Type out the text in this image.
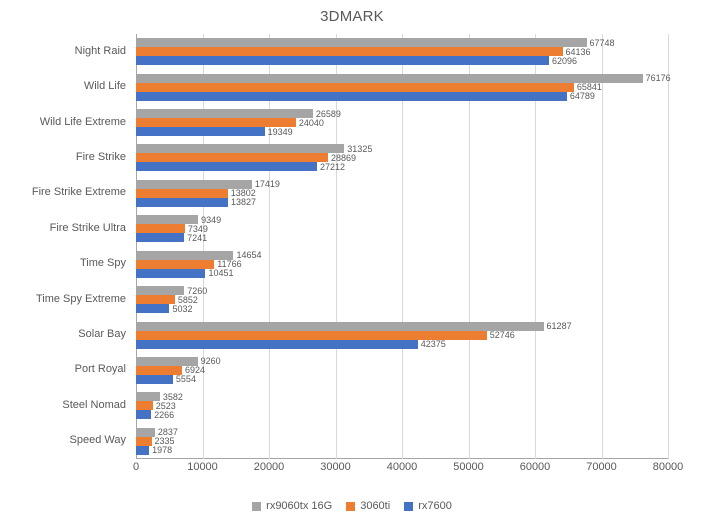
3DMARK
Night Raid
Wild Life
Wild Life Extreme
Fire Strike
Fire Strike Extreme
Fire Strike Ultra
Time Spy
Time Spy Extreme
Solar Bay
Port Royal
Steel Nomad
Speed Way
67748
64136
62096
76176
65841
64789
26589
24040
19349
31325
28869
27212
17419
13802
13827
9349
7349
7241
14654
11766
10451
7260
5852
5032
61287
52746
42375
9260
6924
5554
3582
2523
2266
2837
2335
1978
0	10000	20000	30000	40000	50000	60000	70000	80000
rx9060tx 16G	3060ti	rx7600
